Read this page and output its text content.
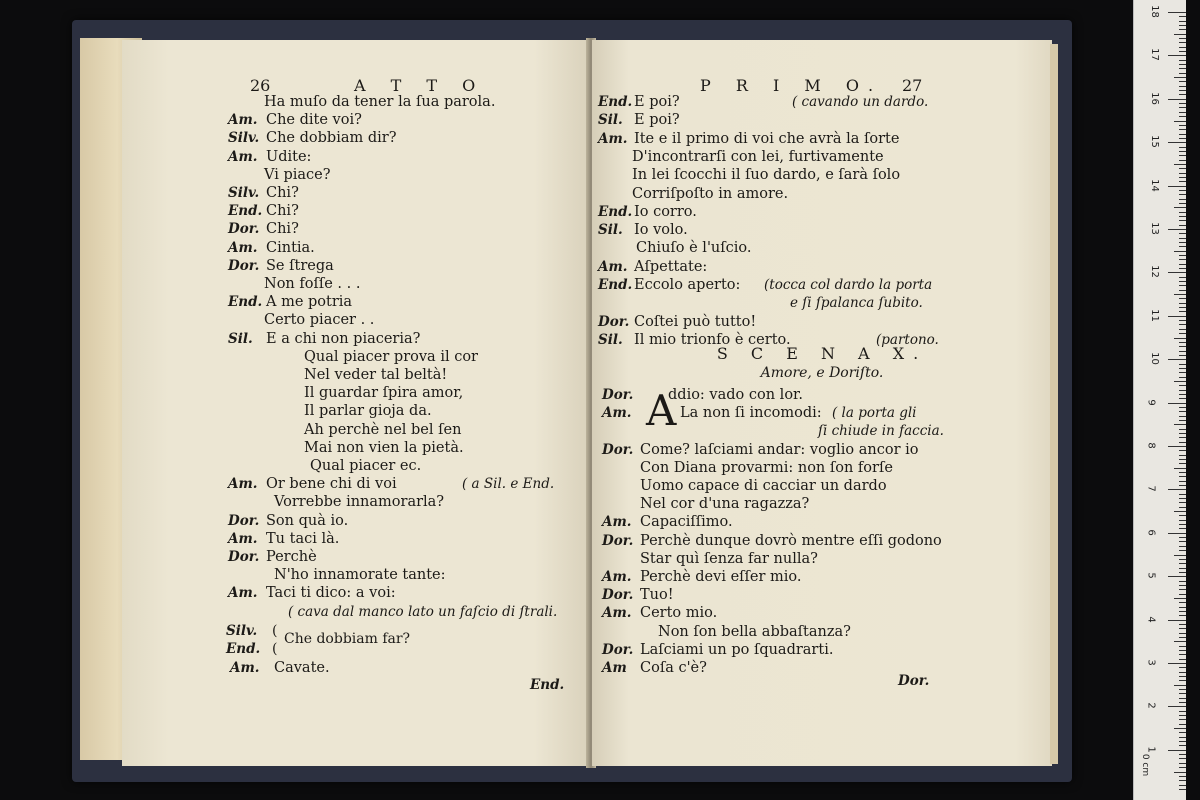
26	A T T O
Ha muſo da tener la ſua parola.
Am. Che dite voi?
Silv. Che dobbiam dir?
Am. Udite:
Vi piace?
Silv. Chi?
End. Chi?
Dor. Chi?
Am. Cintia.
Dor. Se ſtrega
Non foſſe . . .
End. A me potria
Certo piacer . .
Sil. E a chi non piaceria?
Qual piacer prova il cor
Nel veder tal beltà!
Il guardar ſpira amor,
Il parlar gioja da.
Ah perchè nel bel ſen
Mai non vien la pietà.
Qual piacer ec.
Am. Or bene chi di voi	( a Sil. e End.
Vorrebbe innamorarla?
Dor. Son quà io.
Am. Tu taci là.
Dor. Perchè
N'ho innamorate tante:
Am. Taci ti dico: a voi:
( cava dal manco lato un faſcio di ſtrali.
Silv. (
End. (
Che dobbiam far?
Am. Cavate.
End.
P R I M O. 27
End. E poi?	( cavando un dardo.
Sil. E poi?
Am. Ite e il primo di voi che avrà la ſorte
D'incontrarſi con lei, furtivamente
In lei ſcocchi il ſuo dardo, e ſarà ſolo
Corriſpoſto in amore.
End. Io corro.
Sil. Io volo.
Chiuſo è l'uſcio.
Am. Aſpettate:
End. Eccolo aperto: (tocca col dardo la porta
e ſi ſpalanca ſubito.
Dor. Coſtei può tutto!
Sil. Il mio trionfo è certo.	(partono.
S C E N A X.
Amore, e Doriſto.
A
Dor. ddio: vado con lor.
Am.	La non ſi incomodi: ( la porta gli
ſi chiude in faccia.
Dor. Come? laſciami andar: voglio ancor io
Con Diana provarmi: non ſon forſe
Uomo capace di cacciar un dardo
Nel cor d'una ragazza?
Am. Capaciſſimo.
Dor. Perchè dunque dovrò mentre eſſi godono
Star quì ſenza far nulla?
Am. Perchè devi eſſer mio.
Dor. Tuo!
Am. Certo mio.
Non ſon bella abbaſtanza?
Dor. Laſciami un po ſquadrarti.
Am Coſa c'è?
Dor.
0 cm
18
17
16
15
14
13
12
11
10
9
8
7
6
5
4
3
2
1
